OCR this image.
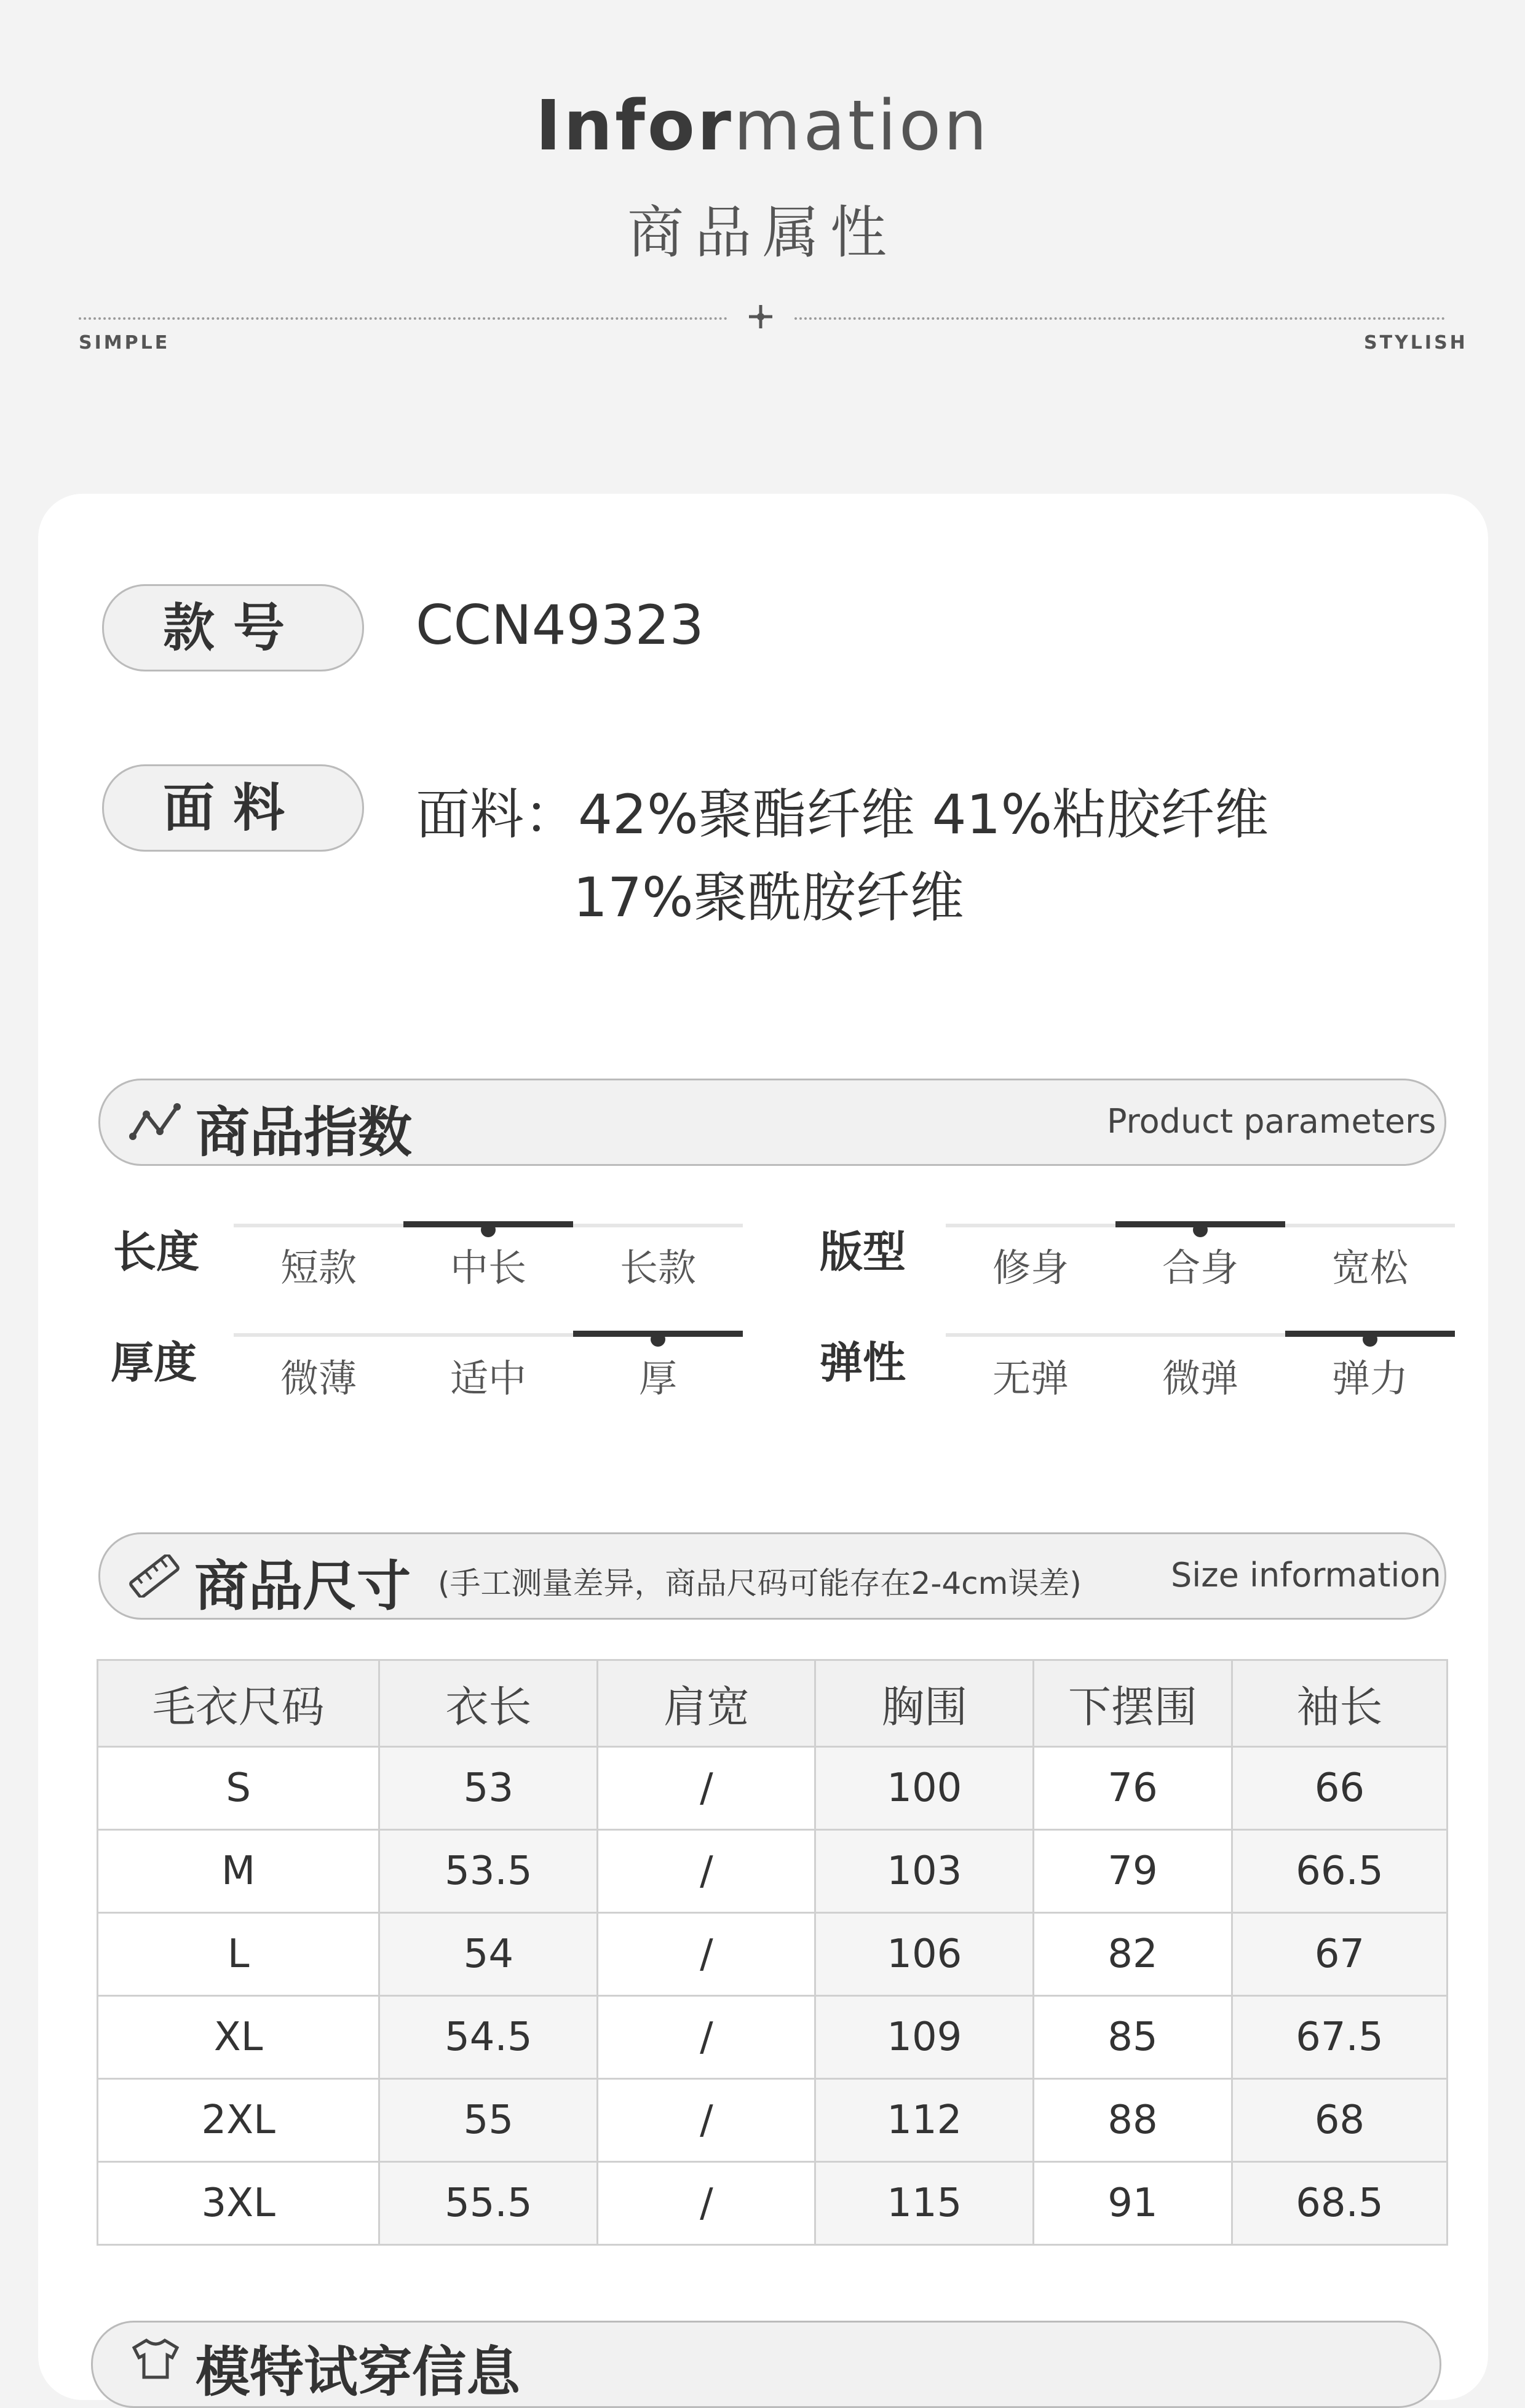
Information
商品属性
SIMPLE	STYLISH
款号	CCN49323
面料	面料：42%聚酯纤维 41%粘胶纤维
17%聚酰胺纤维
商品指数	Product parameters
长度	短款	中长	长款	版型	修身	合身	宽松
厚度	微薄	适中	厚	弹性	无弹	微弹	弹力
商品尺寸 (手工测量差异，商品尺码可能存在2-4cm误差)	Size information
毛衣尺码	衣长	肩宽	胸围	下摆围	袖长
S	53	/	100	76	66
M	53.5	/	103	79	66.5
L	54	/	106	82	67
XL	54.5	/	109	85	67.5
2XL	55	/	112	88	68
3XL	55.5	/	115	91	68.5
模特试穿信息
